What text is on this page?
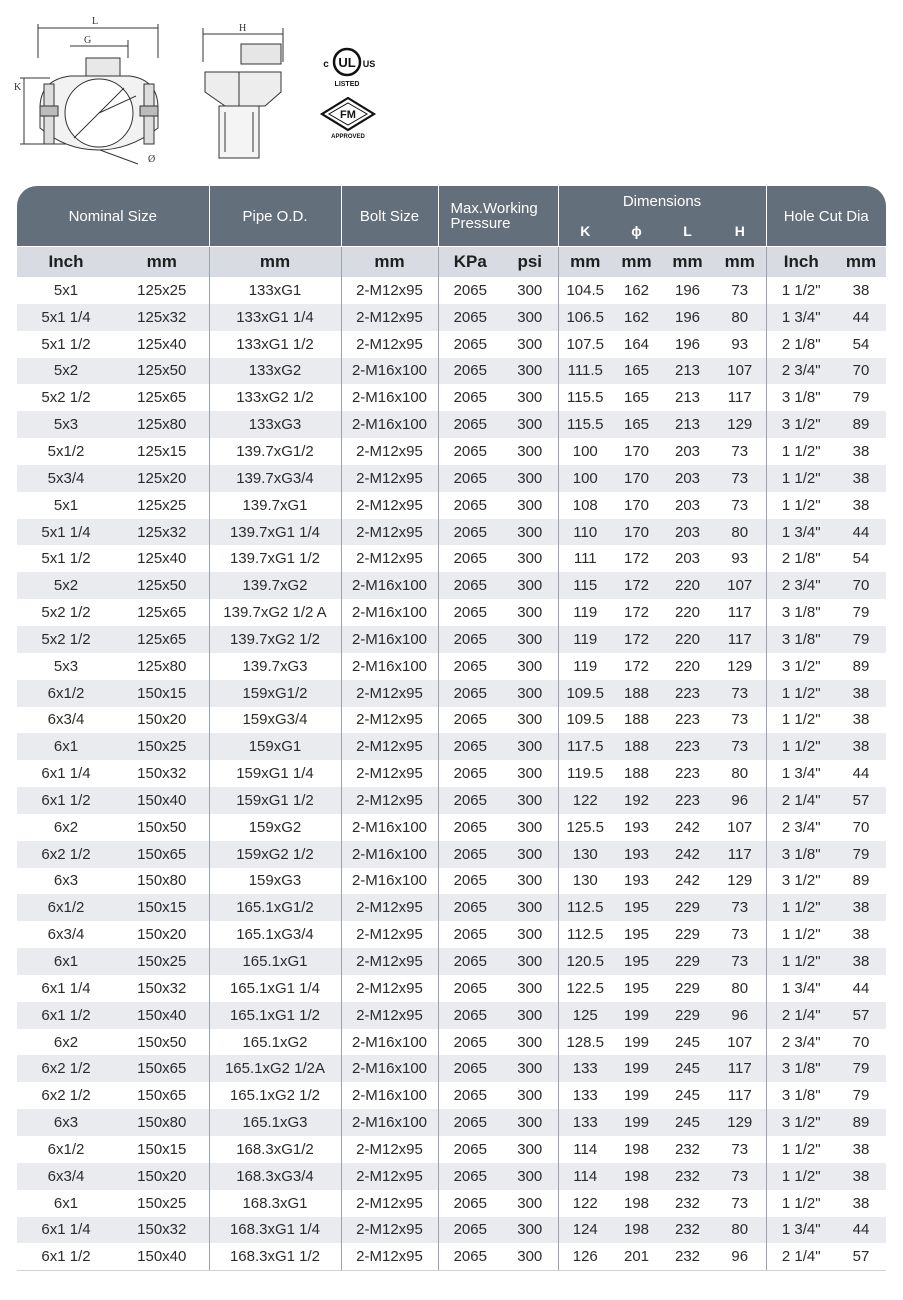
L
G
K
Ø
H
UL
c	US
LISTED
FM
APPROVED
Nominal Size		Pipe O.D.	Bolt Size	Max.Working
Pressure		Dimensions				Hole Cut Dia	
						K	ϕ	L	H		
Inch	mm	mm	mm	KPa	psi	mm	mm	mm	mm	Inch	mm
5x1	125x25	133xG1	2-M12x95	2065	300	104.5	162	196	73	1 1/2"	38
5x1 1/4	125x32	133xG1 1/4	2-M12x95	2065	300	106.5	162	196	80	1 3/4"	44
5x1 1/2	125x40	133xG1 1/2	2-M12x95	2065	300	107.5	164	196	93	2 1/8"	54
5x2	125x50	133xG2	2-M16x100	2065	300	111.5	165	213	107	2 3/4"	70
5x2 1/2	125x65	133xG2 1/2	2-M16x100	2065	300	115.5	165	213	117	3 1/8"	79
5x3	125x80	133xG3	2-M16x100	2065	300	115.5	165	213	129	3 1/2"	89
5x1/2	125x15	139.7xG1/2	2-M12x95	2065	300	100	170	203	73	1 1/2"	38
5x3/4	125x20	139.7xG3/4	2-M12x95	2065	300	100	170	203	73	1 1/2"	38
5x1	125x25	139.7xG1	2-M12x95	2065	300	108	170	203	73	1 1/2"	38
5x1 1/4	125x32	139.7xG1 1/4	2-M12x95	2065	300	110	170	203	80	1 3/4"	44
5x1 1/2	125x40	139.7xG1 1/2	2-M12x95	2065	300	111	172	203	93	2 1/8"	54
5x2	125x50	139.7xG2	2-M16x100	2065	300	115	172	220	107	2 3/4"	70
5x2 1/2	125x65	139.7xG2 1/2 A	2-M16x100	2065	300	119	172	220	117	3 1/8"	79
5x2 1/2	125x65	139.7xG2 1/2	2-M16x100	2065	300	119	172	220	117	3 1/8"	79
5x3	125x80	139.7xG3	2-M16x100	2065	300	119	172	220	129	3 1/2"	89
6x1/2	150x15	159xG1/2	2-M12x95	2065	300	109.5	188	223	73	1 1/2"	38
6x3/4	150x20	159xG3/4	2-M12x95	2065	300	109.5	188	223	73	1 1/2"	38
6x1	150x25	159xG1	2-M12x95	2065	300	117.5	188	223	73	1 1/2"	38
6x1 1/4	150x32	159xG1 1/4	2-M12x95	2065	300	119.5	188	223	80	1 3/4"	44
6x1 1/2	150x40	159xG1 1/2	2-M12x95	2065	300	122	192	223	96	2 1/4"	57
6x2	150x50	159xG2	2-M16x100	2065	300	125.5	193	242	107	2 3/4"	70
6x2 1/2	150x65	159xG2 1/2	2-M16x100	2065	300	130	193	242	117	3 1/8"	79
6x3	150x80	159xG3	2-M16x100	2065	300	130	193	242	129	3 1/2"	89
6x1/2	150x15	165.1xG1/2	2-M12x95	2065	300	112.5	195	229	73	1 1/2"	38
6x3/4	150x20	165.1xG3/4	2-M12x95	2065	300	112.5	195	229	73	1 1/2"	38
6x1	150x25	165.1xG1	2-M12x95	2065	300	120.5	195	229	73	1 1/2"	38
6x1 1/4	150x32	165.1xG1 1/4	2-M12x95	2065	300	122.5	195	229	80	1 3/4"	44
6x1 1/2	150x40	165.1xG1 1/2	2-M12x95	2065	300	125	199	229	96	2 1/4"	57
6x2	150x50	165.1xG2	2-M16x100	2065	300	128.5	199	245	107	2 3/4"	70
6x2 1/2	150x65	165.1xG2 1/2A	2-M16x100	2065	300	133	199	245	117	3 1/8"	79
6x2 1/2	150x65	165.1xG2 1/2	2-M16x100	2065	300	133	199	245	117	3 1/8"	79
6x3	150x80	165.1xG3	2-M16x100	2065	300	133	199	245	129	3 1/2"	89
6x1/2	150x15	168.3xG1/2	2-M12x95	2065	300	114	198	232	73	1 1/2"	38
6x3/4	150x20	168.3xG3/4	2-M12x95	2065	300	114	198	232	73	1 1/2"	38
6x1	150x25	168.3xG1	2-M12x95	2065	300	122	198	232	73	1 1/2"	38
6x1 1/4	150x32	168.3xG1 1/4	2-M12x95	2065	300	124	198	232	80	1 3/4"	44
6x1 1/2	150x40	168.3xG1 1/2	2-M12x95	2065	300	126	201	232	96	2 1/4"	57
